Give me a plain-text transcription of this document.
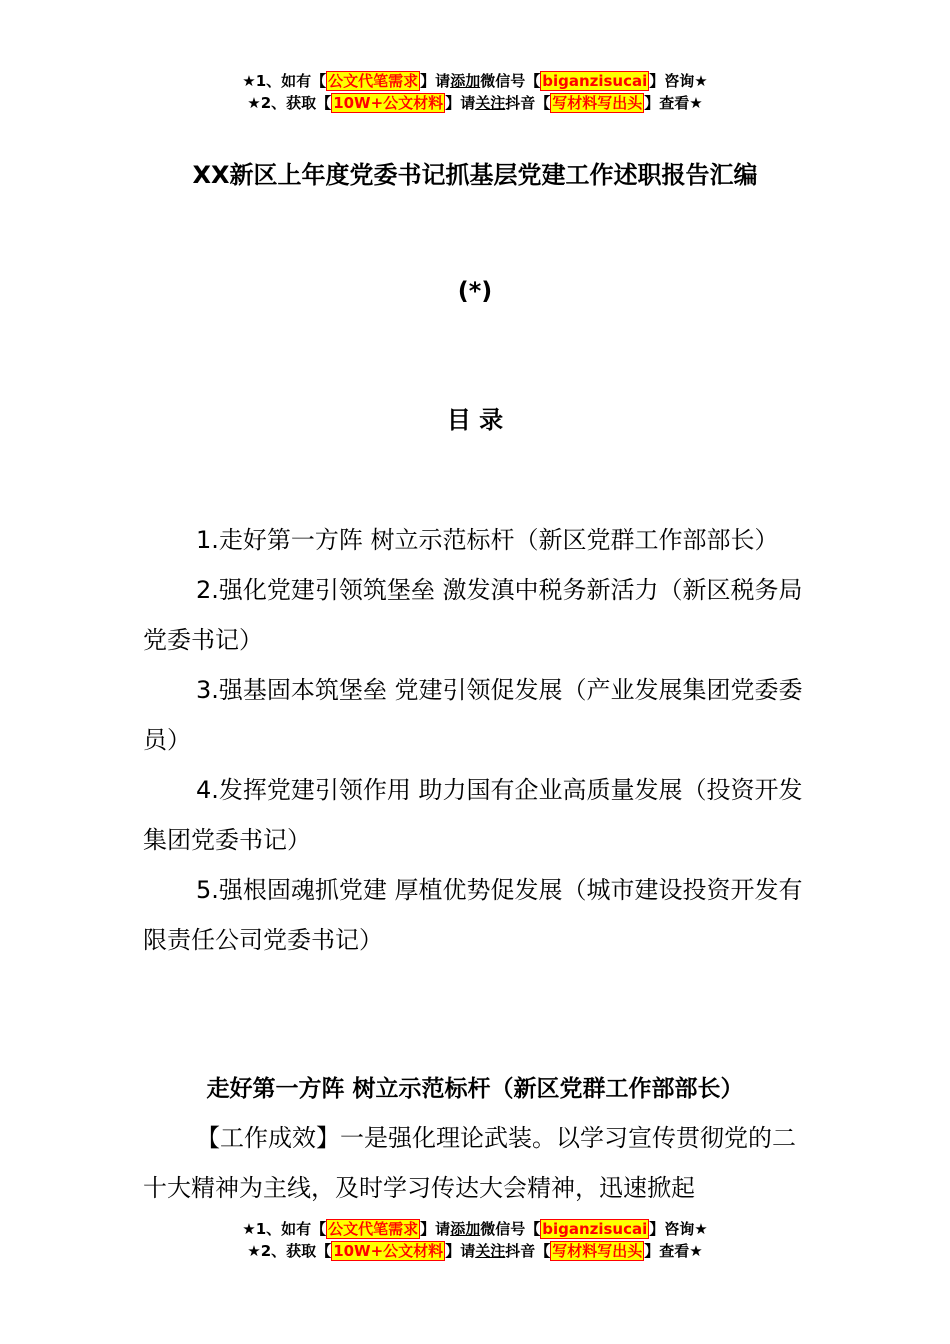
★1、如有【 公文代笔需求 】请添加微信号【 biganzisucai 】咨询★
★2、获取【 10W+公文材料 】请关注抖音【 写材料写出头 】查看★
XX新区上年度党委书记抓基层党建工作述职报告汇编
(*)
目 录

1.走好第一方阵 树立示范标杆（新区党群工作部部长）

2.强化党建引领筑堡垒 激发滇中税务新活力（新区税务局党委书记）

3.强基固本筑堡垒 党建引领促发展（产业发展集团党委委员）

4.发挥党建引领作用 助力国有企业高质量发展（投资开发集团党委书记）

5.强根固魂抓党建 厚植优势促发展（城市建设投资开发有限责任公司党委书记）

走好第一方阵 树立示范标杆（新区党群工作部部长）

【工作成效】一是强化理论武装。以学习宣传贯彻党的二十大精神为主线，及时学习传达大会精神，迅速掀起

★1、如有【 公文代笔需求 】请添加微信号【 biganzisucai 】咨询★
★2、获取【 10W+公文材料 】请关注抖音【 写材料写出头 】查看★
